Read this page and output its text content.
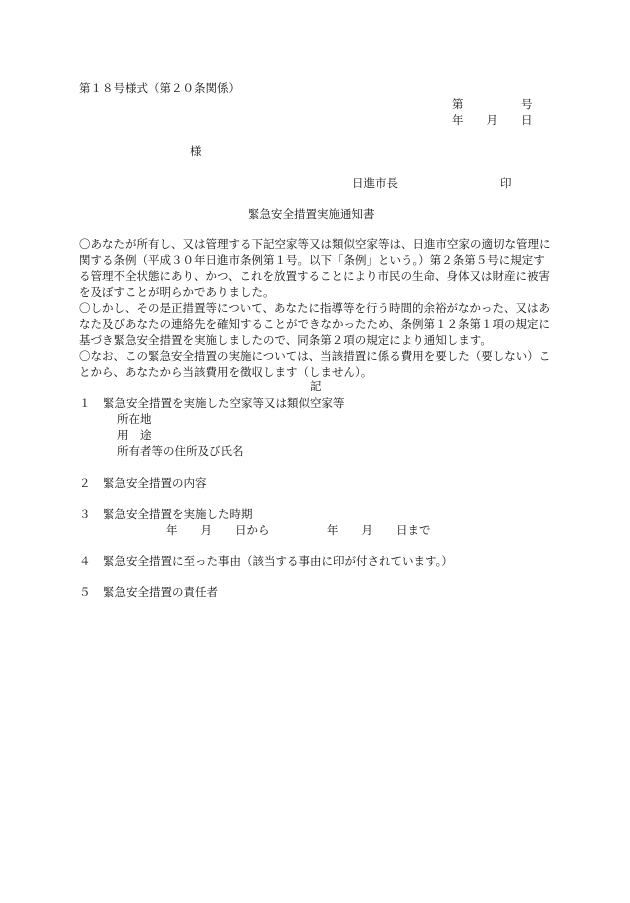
第１８号様式（第２０条関係）
第　　　　　号
年　　月　　日
様
日進市長	印
緊急安全措置実施通知書

〇あなたが所有し、又は管理する下記空家等又は類似空家等は、日進市空家の適切な管理に関する条例（平成３０年日進市条例第１号。以下「条例」という。）第２条第５号に規定する管理不全状態にあり、かつ、これを放置することにより市民の生命、身体又は財産に被害を及ぼすことが明らかでありました。

〇しかし、その是正措置等について、あなたに指導等を行う時間的余裕がなかった、又はあなた及びあなたの連絡先を確知することができなかったため、条例第１２条第１項の規定に基づき緊急安全措置を実施しましたので、同条第２項の規定により通知します。

〇なお、この緊急安全措置の実施については、当該措置に係る費用を要した（要しない）ことから、あなたから当該費用を徴収します（しません）。

記
１ 緊急安全措置を実施した空家等又は類似空家等
所在地
用　途
所有者等の住所及び氏名
２ 緊急安全措置の内容
３ 緊急安全措置を実施した時期
年　　月　　日から　　　　　年　　月　　日まで
４ 緊急安全措置に至った事由（該当する事由に印が付されています。）
５ 緊急安全措置の責任者
